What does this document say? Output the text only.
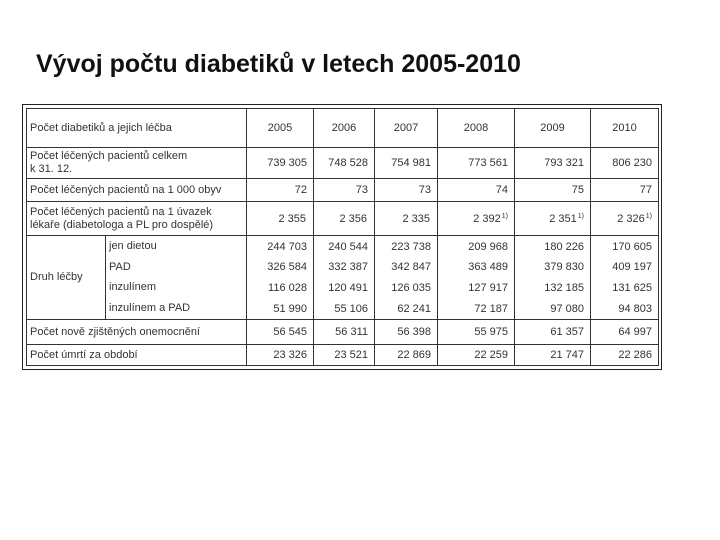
Vývoj počtu diabetiků v letech 2005-2010
Počet diabetiků a jejich léčba		2005	2006	2007	2008	2009	2010

Počet léčených pacientů celkem
k 31. 12.		739 305	748 528	754 981	773 561	793 321	806 230
Počet léčených pacientů na 1 000 obyv		72	73	73	74	75	77

Počet léčených pacientů na 1 úvazek
lékaře (diabetologa a PL pro dospělé)		2 355	2 356	2 335	2 392$^{1)}$	2 351$^{1)}$	2 326$^{1)}$
Druh léčby	jen dietou	244 703	240 544	223 738	209 968	180 226	170 605
	PAD	326 584	332 387	342 847	363 489	379 830	409 197
	inzulínem	116 028	120 491	126 035	127 917	132 185	131 625
	inzulínem a PAD	51 990	55 106	62 241	72 187	97 080	94 803
Počet nově zjištěných onemocnění		56 545	56 311	56 398	55 975	61 357	64 997
Počet úmrtí za období		23 326	23 521	22 869	22 259	21 747	22 286
